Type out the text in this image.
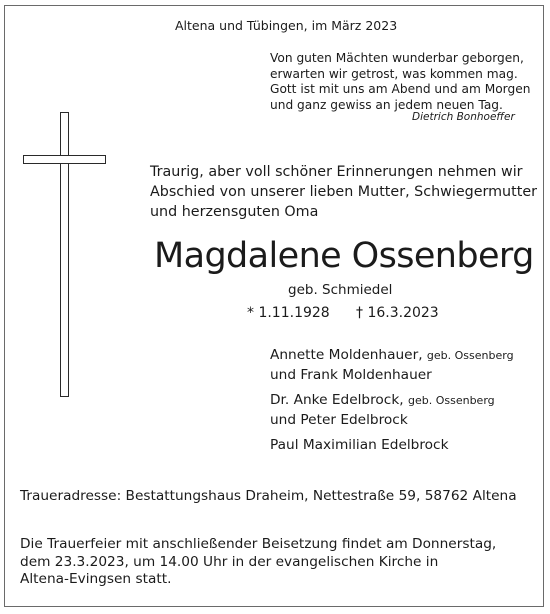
Altena und Tübingen, im März 2023
Von guten Mächten wunderbar geborgen,
erwarten wir getrost, was kommen mag.
Gott ist mit uns am Abend und am Morgen
und ganz gewiss an jedem neuen Tag.
Dietrich Bonhoeffer
Traurig, aber voll schöner Erinnerungen nehmen wir
Abschied von unserer lieben Mutter, Schwiegermutter
und herzensguten Oma
Magdalene Ossenberg
geb. Schmiedel
* 1.11.1928 † 16.3.2023
Annette Moldenhauer, geb. Ossenberg
und Frank Moldenhauer
Dr. Anke Edelbrock, geb. Ossenberg
und Peter Edelbrock
Paul Maximilian Edelbrock
Traueradresse: Bestattungshaus Draheim, Nettestraße 59, 58762 Altena
Die Trauerfeier mit anschließender Beisetzung findet am Donnerstag,
dem 23.3.2023, um 14.00 Uhr in der evangelischen Kirche in
Altena-Evingsen statt.
